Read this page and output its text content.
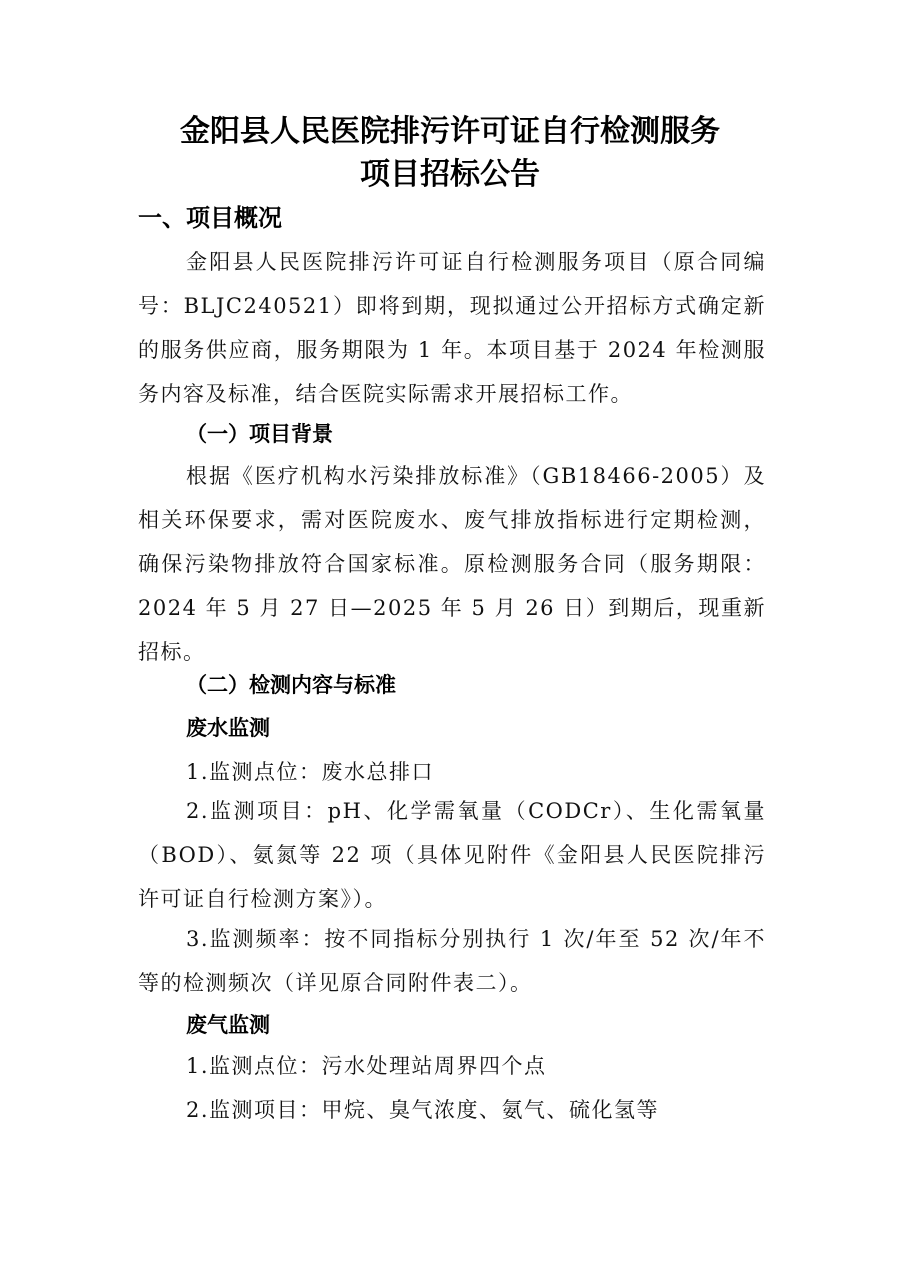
金阳县人民医院排污许可证自行检测服务
项目招标公告
一、项目概况
金阳县人民医院排污许可证自行检测服务项目（原合同编号：BLJC240521）即将到期，现拟通过公开招标方式确定新的服务供应商，服务期限为 1 年。本项目基于 2024 年检测服务内容及标准，结合医院实际需求开展招标工作。
（一）项目背景
根据《医疗机构水污染排放标准》（GB18466-2005）及相关环保要求，需对医院废水、废气排放指标进行定期检测，确保污染物排放符合国家标准。原检测服务合同（服务期限：2024 年 5 月 27 日—2025 年 5 月 26 日）到期后，现重新招标。
（二）检测内容与标准
废水监测
1.监测点位：废水总排口
2.监测项目：pH、化学需氧量（CODCr）、生化需氧量（BOD）、氨氮等 22 项（具体见附件《金阳县人民医院排污许可证自行检测方案》）。
3.监测频率：按不同指标分别执行 1 次/年至 52 次/年不等的检测频次（详见原合同附件表二）。
废气监测
1.监测点位：污水处理站周界四个点
2.监测项目：甲烷、臭气浓度、氨气、硫化氢等
